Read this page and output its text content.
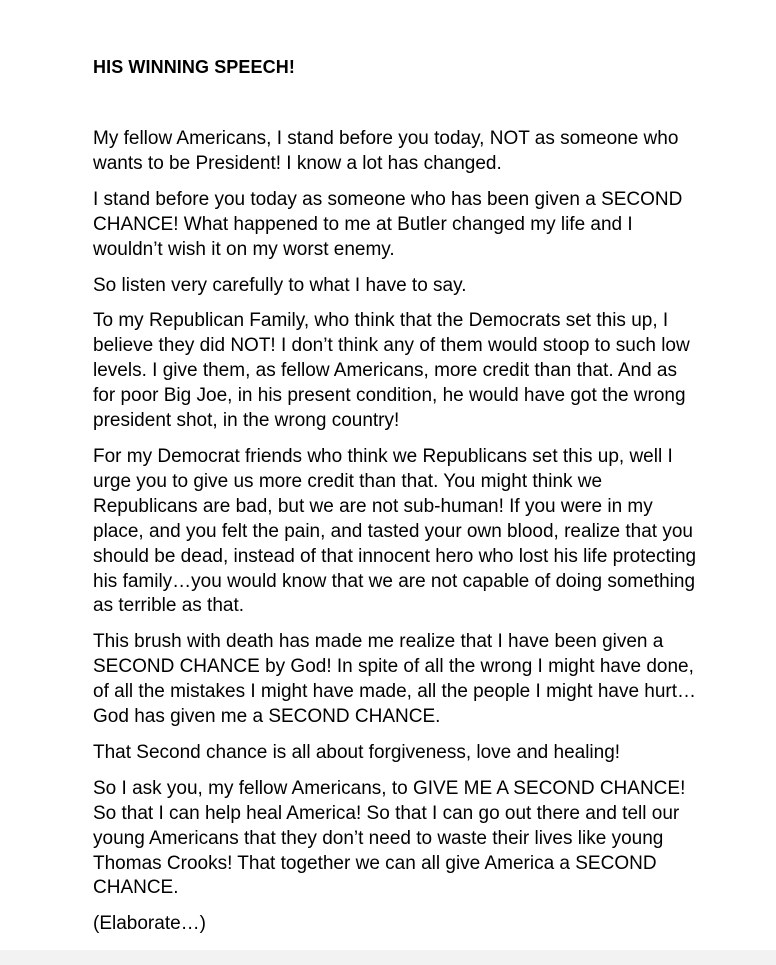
HIS WINNING SPEECH!

My fellow Americans, I stand before you today, NOT as someone who wants to be President! I know a lot has changed.

I stand before you today as someone who has been given a SECOND CHANCE! What happened to me at Butler changed my life and I wouldn’t wish it on my worst enemy.

So listen very carefully to what I have to say.

To my Republican Family, who think that the Democrats set this up, I believe they did NOT! I don’t think any of them would stoop to such low levels. I give them, as fellow Americans, more credit than that. And as for poor Big Joe, in his present condition, he would have got the wrong president shot, in the wrong country!

For my Democrat friends who think we Republicans set this up, well I urge you to give us more credit than that. You might think we Republicans are bad, but we are not sub-human! If you were in my place, and you felt the pain, and tasted your own blood, realize that you should be dead, instead of that innocent hero who lost his life protecting his family…you would know that we are not capable of doing something as terrible as that.

This brush with death has made me realize that I have been given a SECOND CHANCE by God! In spite of all the wrong I might have done, of all the mistakes I might have made, all the people I might have hurt… God has given me a SECOND CHANCE.

That Second chance is all about forgiveness, love and healing!

So I ask you, my fellow Americans, to GIVE ME A SECOND CHANCE! So that I can help heal America! So that I can go out there and tell our young Americans that they don’t need to waste their lives like young Thomas Crooks! That together we can all give America a SECOND CHANCE.

(Elaborate…)
